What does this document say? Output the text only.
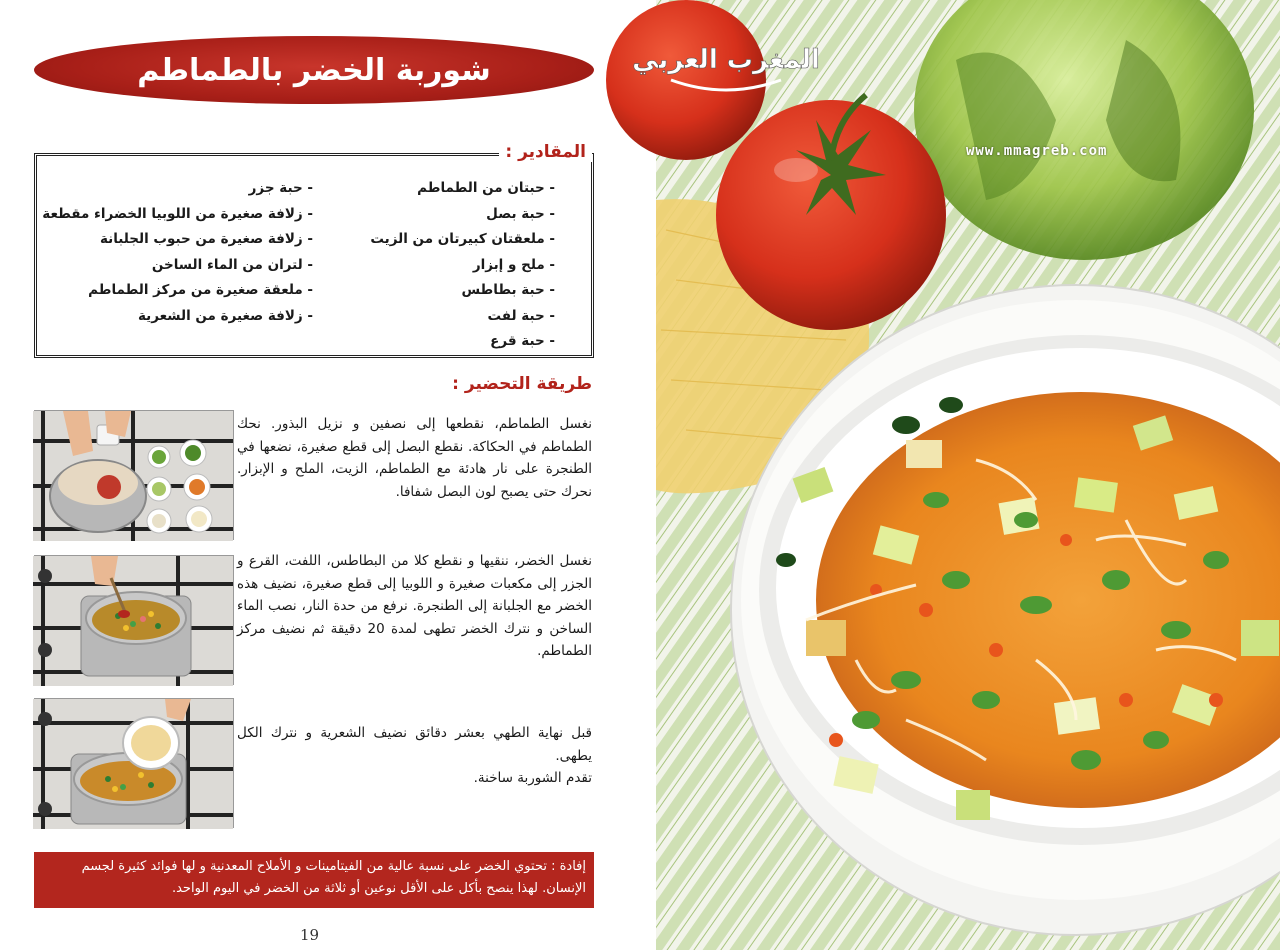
شوربة الخضر بالطماطم
- حبتان من الطماطم
- حبة بصل
- ملعقتان كبيرتان من الزيت
- ملح و إبزار
- حبة بطاطس
- حبة لفت
- حبة قرع
- حبة جزر
- زلافة صغيرة من اللوبيا الخضراء مقطعة
- زلافة صغيرة من حبوب الجلبانة
- لتران من الماء الساخن
- ملعقة صغيرة من مركز الطماطم
- زلافة صغيرة من الشعرية
المقادير :
طريقة التحضير :

نغسل الطماطم، نقطعها إلى نصفين و نزيل البذور. نحك الطماطم في الحكاكة. نقطع البصل إلى قطع صغيرة، نضعها في الطنجرة على نار هادئة مع الطماطم، الزيت، الملح و الإبزار. نحرك حتى يصبح لون البصل شفافا.

نغسل الخضر، ننقيها و نقطع كلا من البطاطس، اللفت، القرع و الجزر إلى مكعبات صغيرة و اللوبيا إلى قطع صغيرة، نضيف هذه الخضر مع الجلبانة إلى الطنجرة. نرفع من حدة النار، نصب الماء الساخن و نترك الخضر تطهى لمدة 20 دقيقة ثم نضيف مركز الطماطم.

قبل نهاية الطهي بعشر دقائق نضيف الشعرية و نترك الكل يطهى.

تقدم الشوربة ساخنة.

إفادة : تحتوي الخضر على نسبة عالية من الفيتامينات و الأملاح المعدنية و لها فوائد كثيرة لجسم الإنسان. لهذا ينصح بأكل على الأقل نوعين أو ثلاثة من الخضر في اليوم الواحد.
19
المغرب العربي
www.mmagreb.com
